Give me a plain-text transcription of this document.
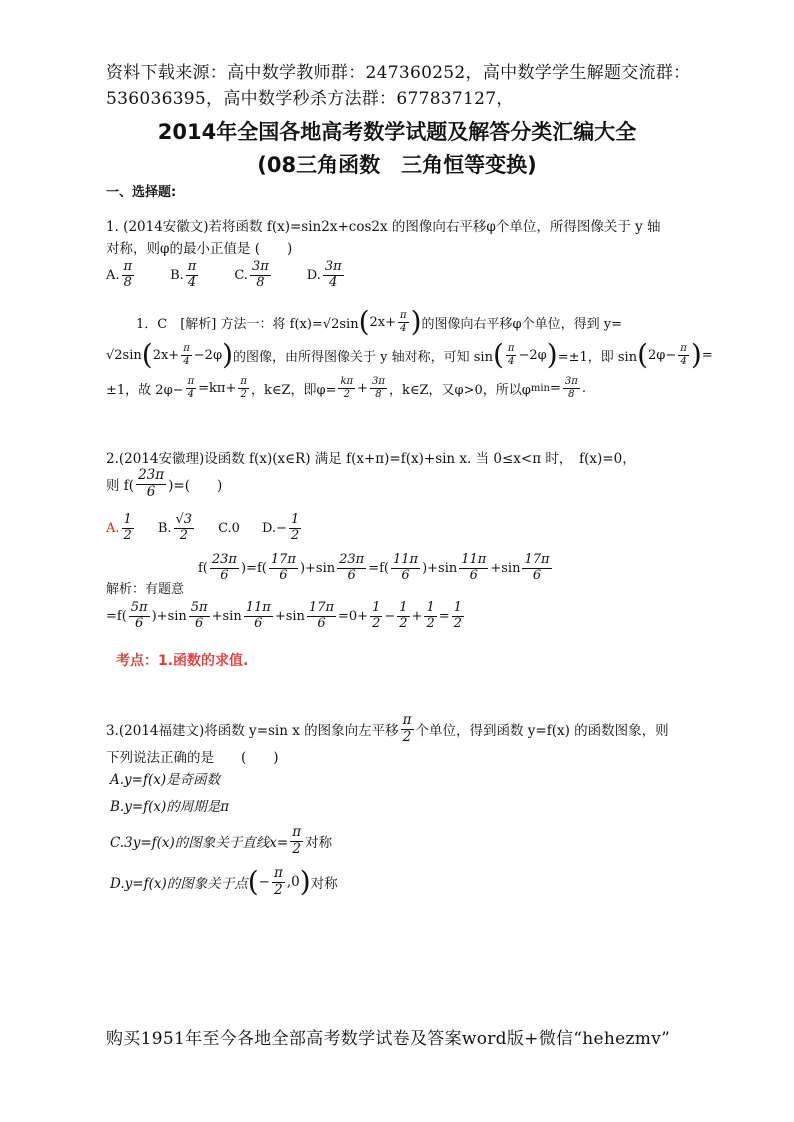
资料下载来源：高中数学教师群：247360252，高中数学学生解题交流群：
536036395，高中数学秒杀方法群：677837127，
2014年全国各地高考数学试题及解答分类汇编大全
(08三角函数　三角恒等变换)
一、选择题:
1. (2014安徽文)若将函数 f(x)=sin2x+cos2x 的图像向右平移φ个单位，所得图像关于 y 轴
对称，则φ的最小正值是 (　　)
A. $\frac{\pi}{8}$	B. $\frac{\pi}{4}$	C. $\frac{3\pi}{8}$	D. $\frac{3\pi}{4}$
1．C　[解析] 方法一：将 f(x)=√2sin ( $2x+ \frac{\pi}{4}$ ) 的图像向右平移φ个单位，得到 y=
√2sin ( $2x+ \frac{\pi}{4} -2\varphi$ ) 的图像，由所得图像关于 y 轴对称，可知 sin ( $\frac{\pi}{4} -2\varphi$ ) =±1，即 sin ( $2\varphi- \frac{\pi}{4}$ ) =
±1，故 $2\varphi- \frac{\pi}{4} =k\pi+ \frac{\pi}{2}$ ，k∈Z，即$\varphi= \frac{k\pi}{2} + \frac{3\pi}{8}$ ，k∈Z，又φ>0，所以φ $\min = \frac{3\pi}{8}$ .
2.(2014安徽理)设函数 f(x)(x∈R) 满足 f(x+π)=f(x)+sin x. 当 0≤x<π 时，　f(x)=0，
则 $f( \frac{23\pi}{6}$ )=(　　)
A. $\frac{1}{2} B$. $\frac{√3}{2} C.0$ $D.- \frac{1}{2}$
解析：有题意
$f( \frac{23\pi}{6} )=f( \frac{17\pi}{6} )+\sin \frac{23\pi}{6} =f( \frac{11\pi}{6} )+\sin \frac{11\pi}{6} +\sin \frac{17\pi}{6}$
$=f( \frac{5\pi}{6} )+\sin \frac{5\pi}{6} +\sin \frac{11\pi}{6} +\sin \frac{17\pi}{6} =0+ \frac{1}{2} - \frac{1}{2} + \frac{1}{2} = \frac{1}{2}$
考点：1.函数的求值.
3.(2014福建文)将函数 y=sin x 的图象向左平移 $\frac{\pi}{2}$ 个单位，得到函数 y=f(x) 的函数图象，则
下列说法正确的是　　(　　)
A.y=f(x)是奇函数
B.y=f(x)的周期是π
C.3y=f(x)的图象关于直线$x= \frac{\pi}{2}$ 对称
D.y=f(x)的图象关于点 ( − $\frac{\pi}{2} ,0$ ) 对称
购买1951年至今各地全部高考数学试卷及答案word版+微信“hehezmv”
